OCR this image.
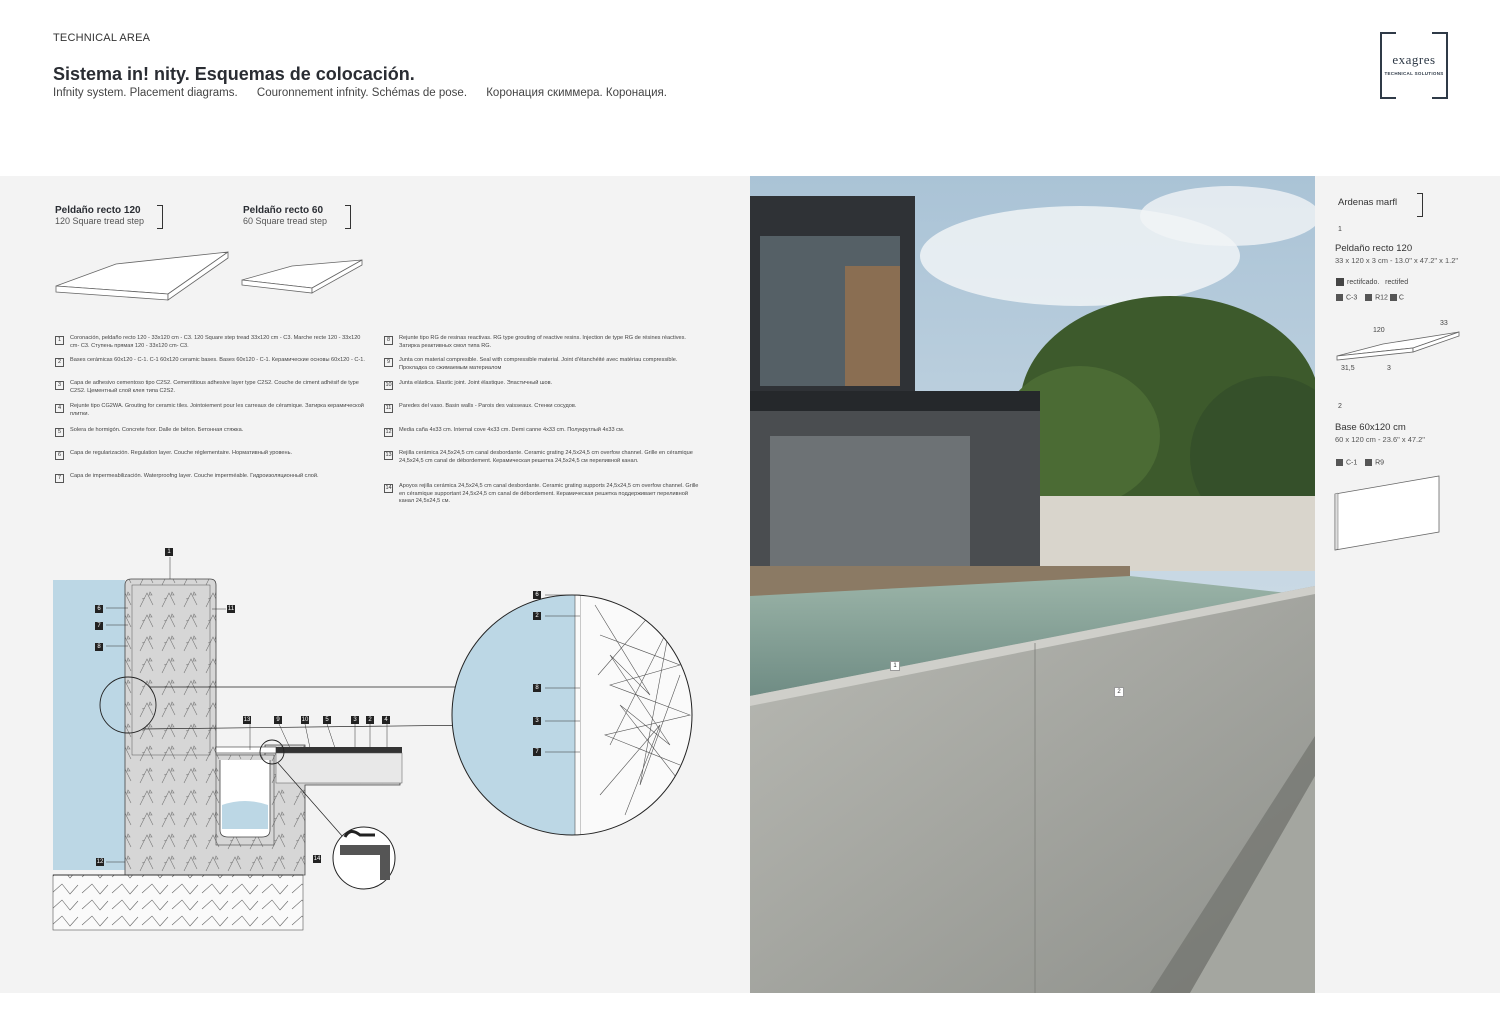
TECHNICAL AREA
Sistema in! nity. Esquemas de colocación.
Infnity system. Placement diagrams. Couronnement infnity. Schémas de pose. Коронация скиммера. Коронация.
exagres
TECHNICAL SOLUTIONS
Peldaño recto 120
120 Square tread step
Peldaño recto 60
60 Square tread step
1	Coronación, peldaño recto 120 - 33x120 cm - C3. 120 Square step tread 33x120 cm - C3. Marche recte 120 - 33x120 cm- C3. Ступень прямая 120 - 33x120 cm- C3.
2	Bases cerámicas 60x120 - C-1. C-1 60x120 ceramic bases. Bases 60x120 - C-1. Керамические основы 60x120 - C-1.
3	Capa de adhesivo cementoso tipo C2S2. Cementitious adhesive layer type C2S2. Couche de ciment adhésif de type C2S2. Цементный слой клея типа C2S2.
4	Rejunte tipo CG2WA. Grouting for ceramic tiles. Jointoiement pour les carreaux de céramique. Затирка керамической плитки.
5	Solera de hormigón. Concrete foor. Dalle de béton. Бетонная стяжка.
6	Capa de regularización. Regulation layer. Couche réglementaire. Нормативный уровень.
7	Capa de impermeabilización. Waterproofng layer. Couche imperméable. Гидроизоляционный слой.
8	Rejunte tipo RG de resinas reactivas. RG type grouting of reactive resins. Injection de type RG de résines réactives. Затирка реактивных смол типа RG.
9	Junta con material compresible. Seal with compressible material. Joint d'étanchéité avec matériau compressible. Прокладка со сжимаемым материалом
10 Junta elástica. Elastic joint. Joint élastique. Эластичный шов.
11 Paredes del vaso. Basin walls - Parois des vaisseaux. Стенки сосудов.
12 Media caña 4x33 cm. Internal cove 4x33 cm. Demi canne 4x33 cm. Полукруглый 4x33 см.
13 Rejilla cerámica 24,5x24,5 cm canal desbordante. Ceramic grating 24,5x24,5 cm overfow channel. Grille en céramique 24,5x24,5 cm canal de débordement. Керамическая решетка 24,5x24,5 см переливной канал.
14 Apoyos rejilla cerámica 24,5x24,5 cm canal desbordante. Ceramic grating supports 24,5x24,5 cm overfow channel. Grille en céramique supportant 24,5x24,5 cm canal de débordement. Керамическая решетка поддерживает переливной канал 24,5x24,5 см.
1
6
7
8
11
13	9	10	5	3	2	4
12	14
6
2
8
3
7
1
2
Ardenas marfl
1
Peldaño recto 120
33 x 120 x 3 cm - 13.0" x 47.2" x 1.2"
rectifcado. rectifed
C-3	R12 C
120
33
31,5	3
2
Base 60x120 cm
60 x 120 cm - 23.6" x 47.2"
C-1	R9
